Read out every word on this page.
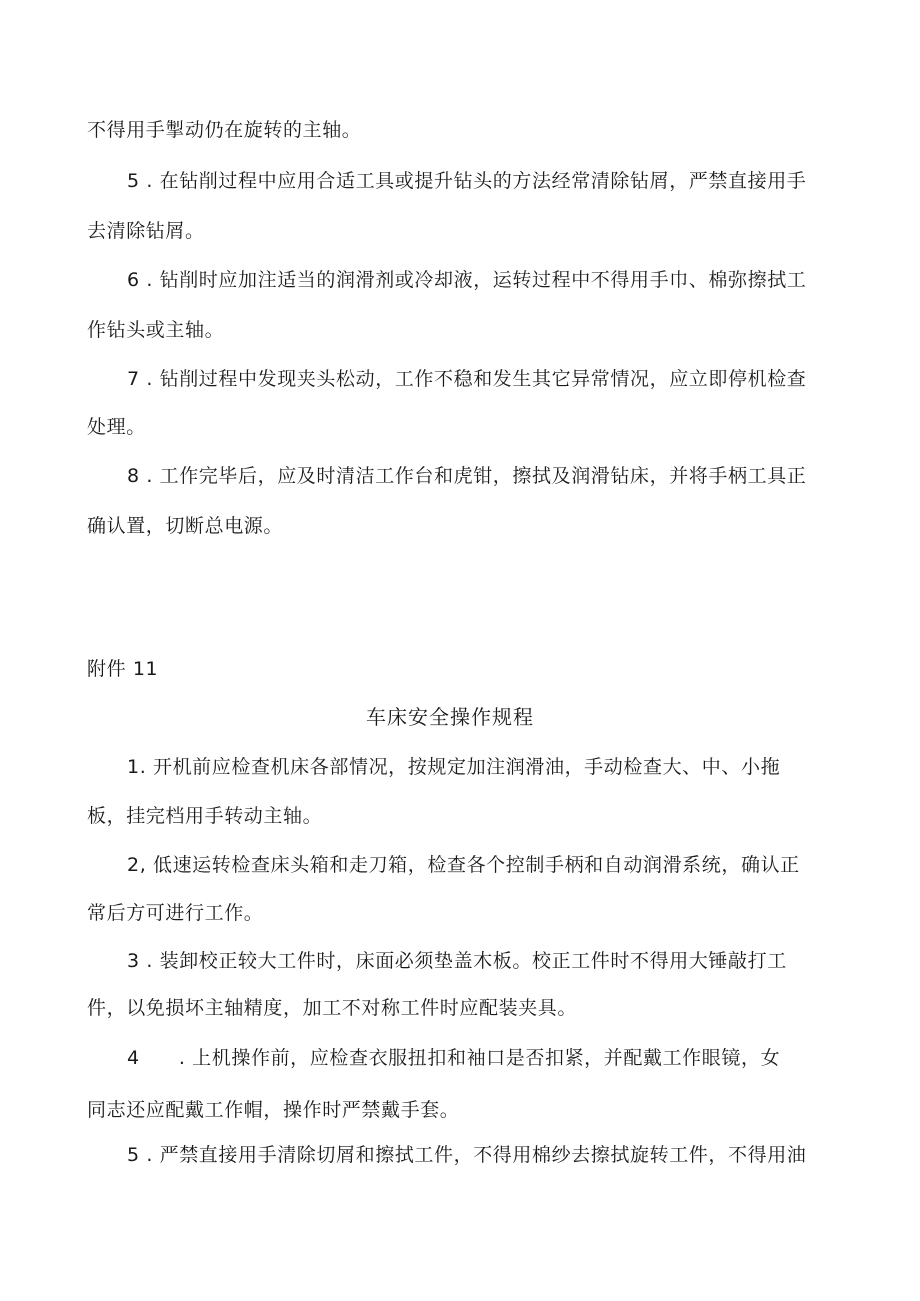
不得用手掣动仍在旋转的主轴。
5 . 在钻削过程中应用合适工具或提升钻头的方法经常清除钻屑，严禁直接用手
去清除钻屑。
6 . 钻削时应加注适当的润滑剂或冷却液，运转过程中不得用手巾、棉弥擦拭工
作钻头或主轴。
7 . 钻削过程中发现夹头松动，工作不稳和发生其它异常情况，应立即停机检查
处理。
8 . 工作完毕后，应及时清洁工作台和虎钳，擦拭及润滑钻床，并将手柄工具正
确认置，切断总电源。
附件 11
车床安全操作规程
1. 开机前应检查机床各部情况，按规定加注润滑油，手动检查大、中、小拖
板，挂完档用手转动主轴。
2, 低速运转检查床头箱和走刀箱，检查各个控制手柄和自动润滑系统，确认正
常后方可进行工作。
3 . 装卸校正较大工件时，床面必须垫盖木板。校正工件时不得用大锤敲打工
件，以免损坏主轴精度，加工不对称工件时应配装夹具。
4　　. 上机操作前，应检查衣服扭扣和袖口是否扣紧，并配戴工作眼镜，女
同志还应配戴工作帽，操作时严禁戴手套。
5 . 严禁直接用手清除切屑和擦拭工件，不得用棉纱去擦拭旋转工件，不得用油
